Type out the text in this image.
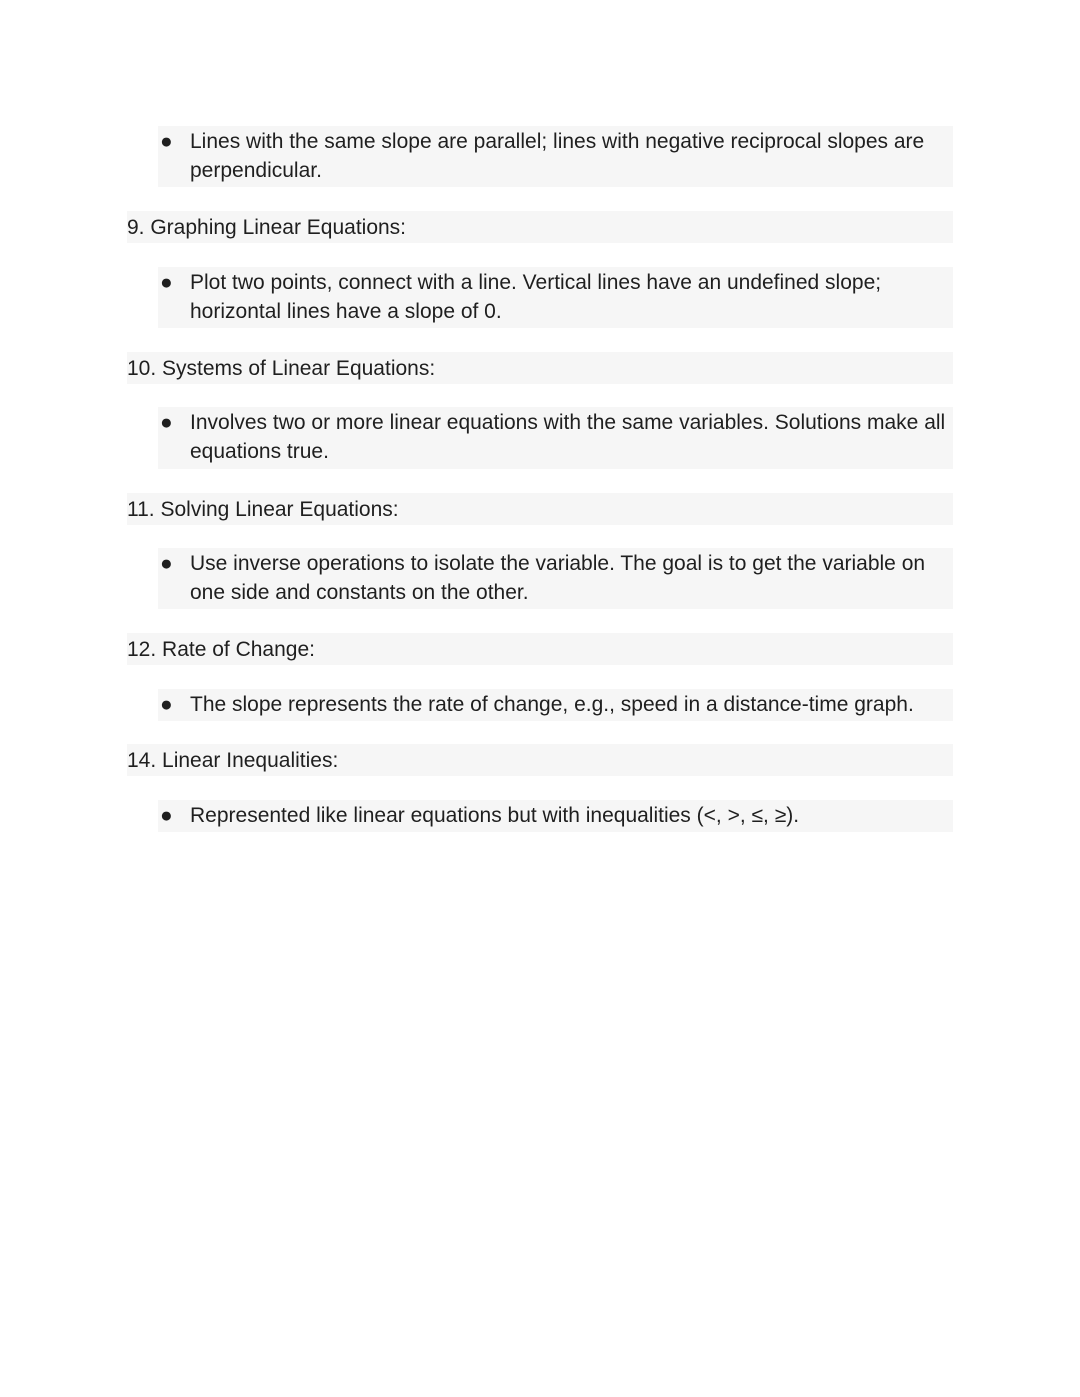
● Lines with the same slope are parallel; lines with negative reciprocal slopes are perpendicular.
9. Graphing Linear Equations:
● Plot two points, connect with a line. Vertical lines have an undefined slope; horizontal lines have a slope of 0.
10. Systems of Linear Equations:
● Involves two or more linear equations with the same variables. Solutions make all equations true.
11. Solving Linear Equations:
● Use inverse operations to isolate the variable. The goal is to get the variable on one side and constants on the other.
12. Rate of Change:
● The slope represents the rate of change, e.g., speed in a distance-time graph.
14. Linear Inequalities:
● Represented like linear equations but with inequalities (<, >, ≤, ≥).
